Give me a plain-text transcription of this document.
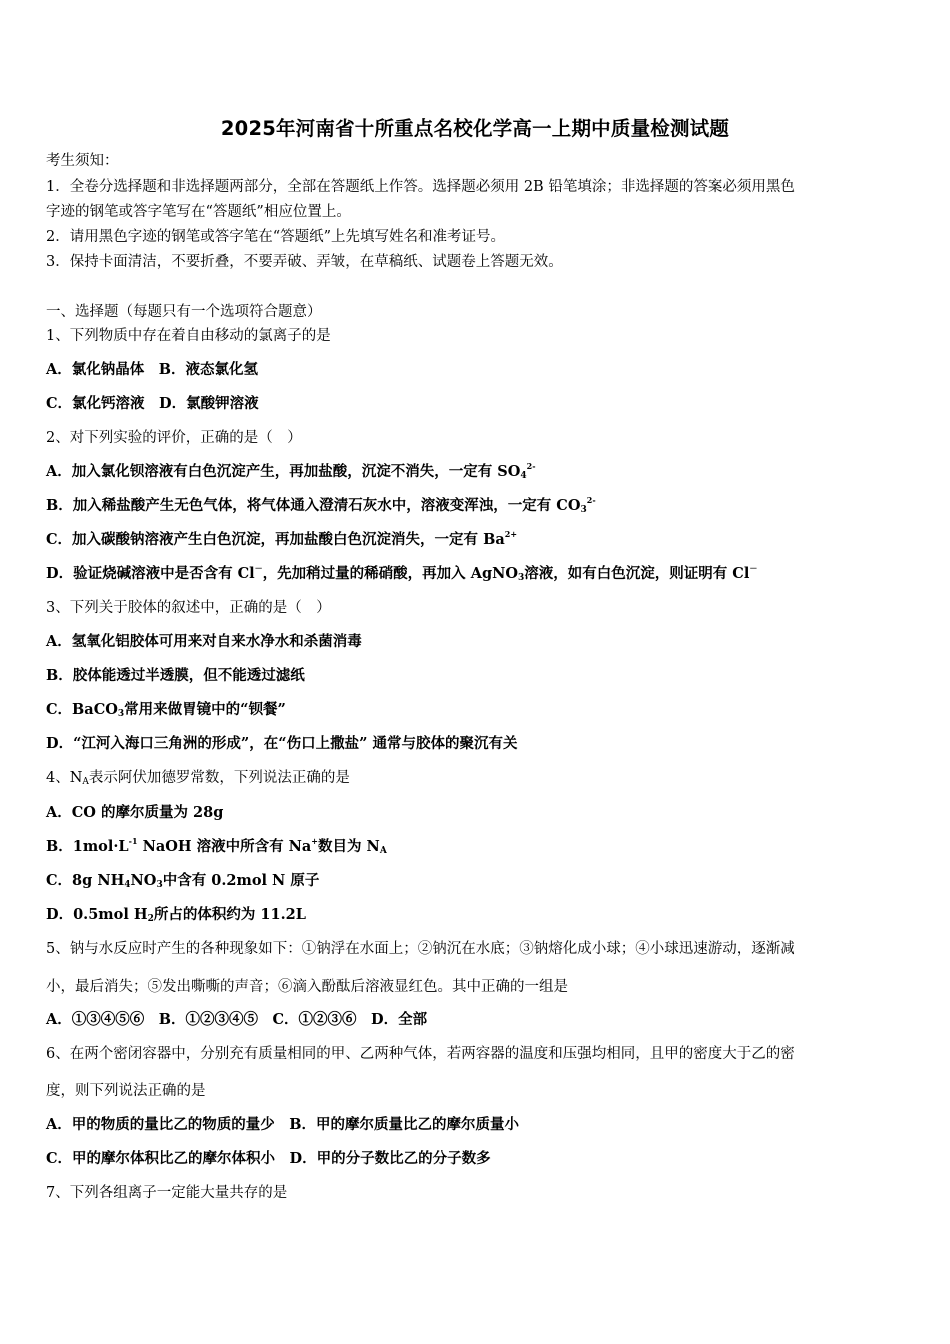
2025年河南省十所重点名校化学高一上期中质量检测试题
考生须知：
1．全卷分选择题和非选择题两部分，全部在答题纸上作答。选择题必须用 2B 铅笔填涂；非选择题的答案必须用黑色
字迹的钢笔或答字笔写在“答题纸”相应位置上。
2．请用黑色字迹的钢笔或答字笔在“答题纸”上先填写姓名和准考证号。
3．保持卡面清洁，不要折叠，不要弄破、弄皱，在草稿纸、试题卷上答题无效。
一、选择题（每题只有一个选项符合题意）
1、下列物质中存在着自由移动的氯离子的是
A．氯化钠晶体　B．液态氯化氢
C．氯化钙溶液　D．氯酸钾溶液
2、对下列实验的评价，正确的是（　）
A．加入氯化钡溶液有白色沉淀产生，再加盐酸，沉淀不消失，一定有 $SO_4^{2-}$
B．加入稀盐酸产生无色气体，将气体通入澄清石灰水中，溶液变浑浊，一定有 $CO_3^{2-}$
C．加入碳酸钠溶液产生白色沉淀，再加盐酸白色沉淀消失，一定有 $Ba^{2+}$
D．验证烧碱溶液中是否含有 Cl－，先加稍过量的稀硝酸，再加入 AgNO$_3$溶液，如有白色沉淀，则证明有 Cl－
3、下列关于胶体的叙述中，正确的是（　）
A．氢氧化铝胶体可用来对自来水净水和杀菌消毒
B．胶体能透过半透膜，但不能透过滤纸
C．BaCO$_3$常用来做胃镜中的“钡餐”
D．“江河入海口三角洲的形成”，在“伤口上撒盐” 通常与胶体的聚沉有关
4、$N_A$表示阿伏加德罗常数，下列说法正确的是
A．CO 的摩尔质量为 28g
B．$1mol\cdot L^{-1}$ NaOH 溶液中所含有 Na+数目为 $N_A$
C．8g $NH_4NO_3$中含有 0.2mol N 原子
D．0.5mol $H_2$所占的体积约为 11.2L
5、钠与水反应时产生的各种现象如下：①钠浮在水面上；②钠沉在水底；③钠熔化成小球；④小球迅速游动，逐渐减
小，最后消失；⑤发出嘶嘶的声音；⑥滴入酚酞后溶液显红色。其中正确的一组是
A．①③④⑤⑥　B．①②③④⑤　C．①②③⑥　D．全部
6、在两个密闭容器中，分别充有质量相同的甲、乙两种气体，若两容器的温度和压强均相同，且甲的密度大于乙的密
度，则下列说法正确的是
A．甲的物质的量比乙的物质的量少　B．甲的摩尔质量比乙的摩尔质量小
C．甲的摩尔体积比乙的摩尔体积小　D．甲的分子数比乙的分子数多
7、下列各组离子一定能大量共存的是
